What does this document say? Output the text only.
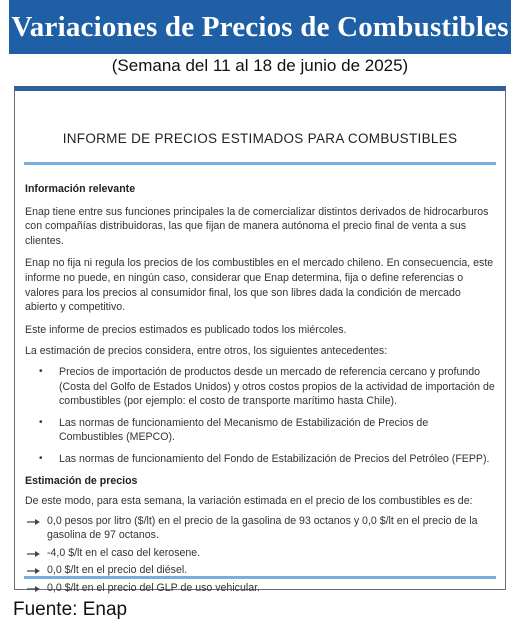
Variaciones de Precios de Combustibles
(Semana del 11 al 18 de junio de 2025)
INFORME DE PRECIOS ESTIMADOS PARA COMBUSTIBLES
Información relevante

Enap tiene entre sus funciones principales la de comercializar distintos derivados de hidrocarburos con compañías distribuidoras, las que fijan de manera autónoma el precio final de venta a sus clientes.

Enap no fija ni regula los precios de los combustibles en el mercado chileno. En consecuencia, este informe no puede, en ningún caso, considerar que Enap determina, fija o define referencias o valores para los precios al consumidor final, los que son libres dada la condición de mercado abierto y competitivo.

Este informe de precios estimados es publicado todos los miércoles.

La estimación de precios considera, entre otros, los siguientes antecedentes:

• Precios de importación de productos desde un mercado de referencia cercano y profundo (Costa del Golfo de Estados Unidos) y otros costos propios de la actividad de importación de combustibles (por ejemplo: el costo de transporte marítimo hasta Chile).
• Las normas de funcionamiento del Mecanismo de Estabilización de Precios de Combustibles (MEPCO).
• Las normas de funcionamiento del Fondo de Estabilización de Precios del Petróleo (FEPP).
Estimación de precios

De este modo, para esta semana, la variación estimada en el precio de los combustibles es de:

0,0 pesos por litro ($/lt) en el precio de la gasolina de 93 octanos y 0,0 $/lt en el precio de la gasolina de 97 octanos.
-4,0 $/lt en el caso del kerosene.
0,0 $/lt en el precio del diésel.
0,0 $/lt en el precio del GLP de uso vehicular.
Fuente: Enap
